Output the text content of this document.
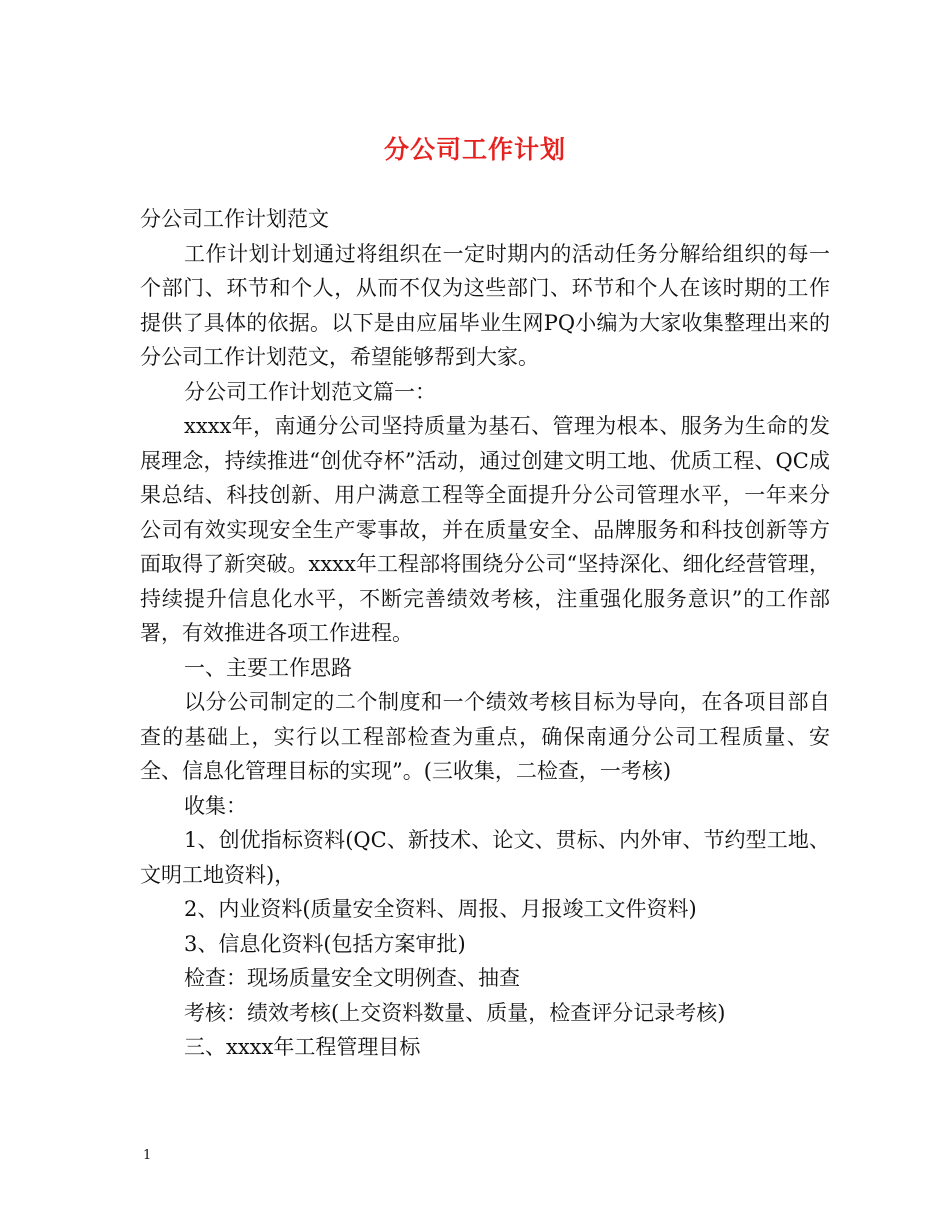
分公司工作计划

分公司工作计划范文

工作计划计划通过将组织在一定时期内的活动任务分解给组织的每一个部门、环节和个人，从而不仅为这些部门、环节和个人在该时期的工作提供了具体的依据。以下是由应届毕业生网PQ小编为大家收集整理出来的分公司工作计划范文，希望能够帮到大家。

分公司工作计划范文篇一：

xxxx年，南通分公司坚持质量为基石、管理为根本、服务为生命的发展理念，持续推进“创优夺杯”活动，通过创建文明工地、优质工程、QC成果总结、科技创新、用户满意工程等全面提升分公司管理水平，一年来分公司有效实现安全生产零事故，并在质量安全、品牌服务和科技创新等方面取得了新突破。xxxx年工程部将围绕分公司“坚持深化、细化经营管理，持续提升信息化水平，不断完善绩效考核，注重强化服务意识”的工作部署，有效推进各项工作进程。

一、主要工作思路

以分公司制定的二个制度和一个绩效考核目标为导向，在各项目部自查的基础上，实行以工程部检查为重点，确保南通分公司工程质量、安全、信息化管理目标的实现”。(三收集，二检查，一考核)

收集：

1、创优指标资料(QC、新技术、论文、贯标、内外审、节约型工地、文明工地资料)，

2、内业资料(质量安全资料、周报、月报竣工文件资料)

3、信息化资料(包括方案审批)

检查：现场质量安全文明例查、抽查

考核：绩效考核(上交资料数量、质量，检查评分记录考核)

三、xxxx年工程管理目标

1
